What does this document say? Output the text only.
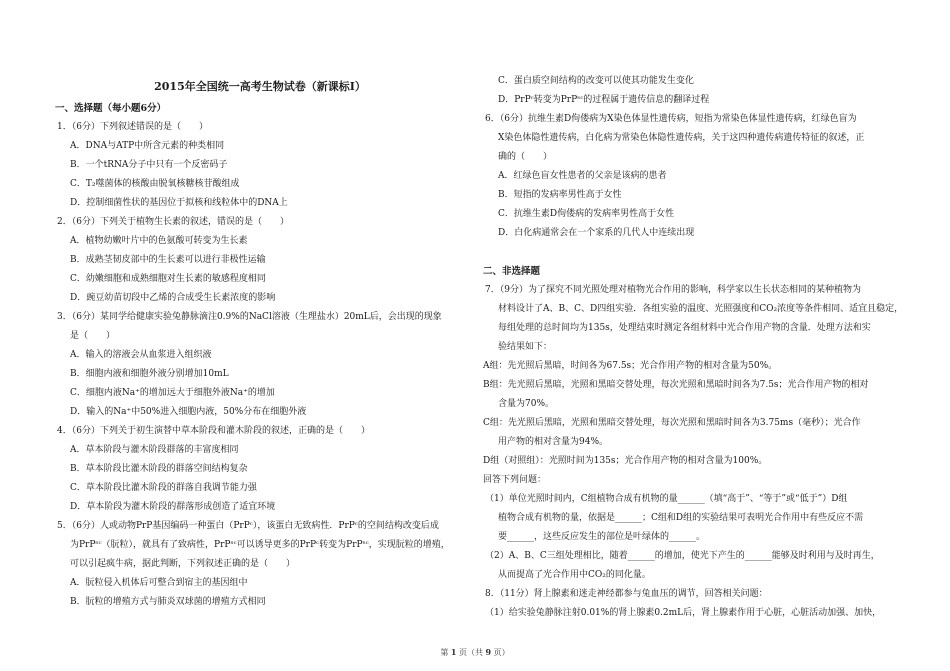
2015年全国统一高考生物试卷（新课标Ⅰ）
一、选择题（每小题6分）
1．（6分）下列叙述错误的是（　　）
A．DNA与ATP中所含元素的种类相同
B．一个tRNA分子中只有一个反密码子
C．T₂噬菌体的核酸由脱氧核糖核苷酸组成
D．控制细菌性状的基因位于拟核和线粒体中的DNA上
2．（6分）下列关于植物生长素的叙述，错误的是（　　）
A．植物幼嫩叶片中的色氨酸可转变为生长素
B．成熟茎韧皮部中的生长素可以进行非极性运输
C．幼嫩细胞和成熟细胞对生长素的敏感程度相同
D．豌豆幼苗切段中乙烯的合成受生长素浓度的影响
3．（6分）某同学给健康实验兔静脉滴注0.9%的NaCl溶液（生理盐水）20mL后，会出现的现象
是（　　）
A．输入的溶液会从血浆进入组织液
B．细胞内液和细胞外液分别增加10mL
C．细胞内液Na⁺的增加远大于细胞外液Na⁺的增加
D．输入的Na⁺中50%进入细胞内液，50%分布在细胞外液
4．（6分）下列关于初生演替中草本阶段和灌木阶段的叙述，正确的是（　　）
A．草本阶段与灌木阶段群落的丰富度相同
B．草本阶段比灌木阶段的群落空间结构复杂
C．草本阶段比灌木阶段的群落自我调节能力强
D．草本阶段为灌木阶段的群落形成创造了适宜环境
5．（6分）人或动物PrP基因编码一种蛋白（PrPᶜ），该蛋白无致病性．PrPᶜ的空间结构改变后成
为PrPˢᶜ（朊粒），就具有了致病性，PrPˢᶜ可以诱导更多的PrPᶜ转变为PrPˢᶜ，实现朊粒的增殖，
可以引起疯牛病，据此判断，下列叙述正确的是（　　）
A．朊粒侵入机体后可整合到宿主的基因组中
B．朊粒的增殖方式与肺炎双球菌的增殖方式相同
C．蛋白质空间结构的改变可以使其功能发生变化
D．PrPᶜ转变为PrPˢᶜ的过程属于遗传信息的翻译过程
6．（6分）抗维生素D佝偻病为X染色体显性遗传病，短指为常染色体显性遗传病，红绿色盲为
X染色体隐性遗传病，白化病为常染色体隐性遗传病，关于这四种遗传病遗传特征的叙述，正
确的（　　）
A．红绿色盲女性患者的父亲是该病的患者
B．短指的发病率男性高于女性
C．抗维生素D佝偻病的发病率男性高于女性
D．白化病通常会在一个家系的几代人中连续出现
二、非选择题
7．（9分）为了探究不同光照处理对植物光合作用的影响，科学家以生长状态相同的某种植物为
材料设计了A、B、C、D四组实验．各组实验的温度、光照强度和CO₂浓度等条件相同、适宜且稳定，
每组处理的总时间均为135s，处理结束时测定各组材料中光合作用产物的含量．处理方法和实
验结果如下：
A组：先光照后黑暗，时间各为67.5s；光合作用产物的相对含量为50%。
B组：先光照后黑暗，光照和黑暗交替处理，每次光照和黑暗时间各为7.5s；光合作用产物的相对
含量为70%。
C组：先光照后黑暗，光照和黑暗交替处理，每次光照和黑暗时间各为3.75ms（毫秒）；光合作
用产物的相对含量为94%。
D组（对照组）：光照时间为135s；光合作用产物的相对含量为100%。
回答下列问题：
（1）单位光照时间内，C组植物合成有机物的量______（填“高于”、“等于”或“低于”）D组
植物合成有机物的量，依据是______；C组和D组的实验结果可表明光合作用中有些反应不需
要______，这些反应发生的部位是叶绿体的______。
（2）A、B、C三组处理相比，随着______的增加，使光下产生的______能够及时利用与及时再生，
从而提高了光合作用中CO₂的同化量。
8．（11分）肾上腺素和迷走神经都参与兔血压的调节，回答相关问题：
（1）给实验兔静脉注射0.01%的肾上腺素0.2mL后，肾上腺素作用于心脏，心脏活动加强、加快，
第 1 页（共 9 页）
